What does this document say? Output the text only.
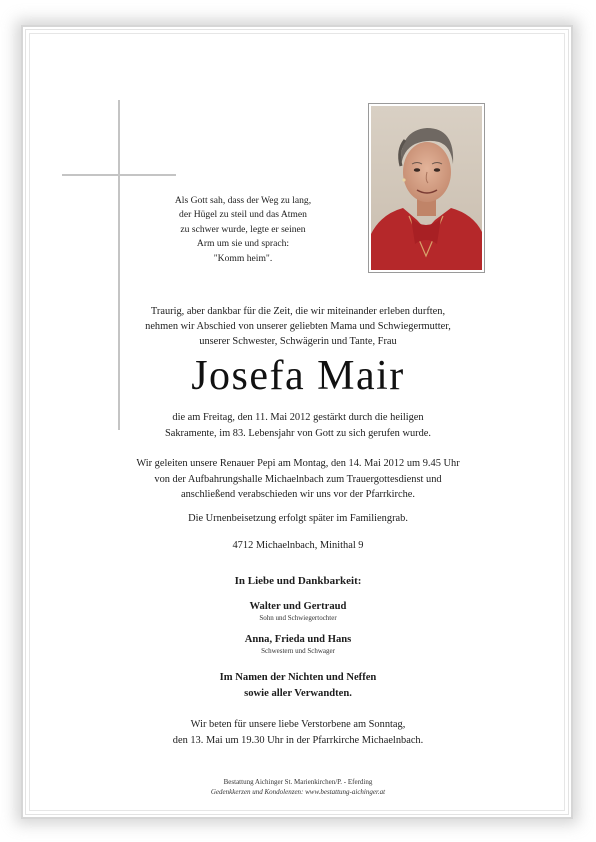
Als Gott sah, dass der Weg zu lang,
der Hügel zu steil und das Atmen
zu schwer wurde, legte er seinen
Arm um sie und sprach:
"Komm heim".
Traurig, aber dankbar für die Zeit, die wir miteinander erleben durften,
nehmen wir Abschied von unserer geliebten Mama und Schwiegermutter,
unserer Schwester, Schwägerin und Tante, Frau
Josefa Mair
die am Freitag, den 11. Mai 2012 gestärkt durch die heiligen
Sakramente, im 83. Lebensjahr von Gott zu sich gerufen wurde.
Wir geleiten unsere Renauer Pepi am Montag, den 14. Mai 2012 um 9.45 Uhr
von der Aufbahrungshalle Michaelnbach zum Trauergottesdienst und
anschließend verabschieden wir uns vor der Pfarrkirche.
Die Urnenbeisetzung erfolgt später im Familiengrab.
4712 Michaelnbach, Minithal 9
In Liebe und Dankbarkeit:
Walter und Gertraud
Sohn und Schwiegertochter
Anna, Frieda und Hans
Schwestern und Schwager
Im Namen der Nichten und Neffen
sowie aller Verwandten.
Wir beten für unsere liebe Verstorbene am Sonntag,
den 13. Mai um 19.30 Uhr in der Pfarrkirche Michaelnbach.
Bestattung Aichinger St. Marienkirchen/P. - Eferding
Gedenkkerzen und Kondolenzen: www.bestattung-aichinger.at
